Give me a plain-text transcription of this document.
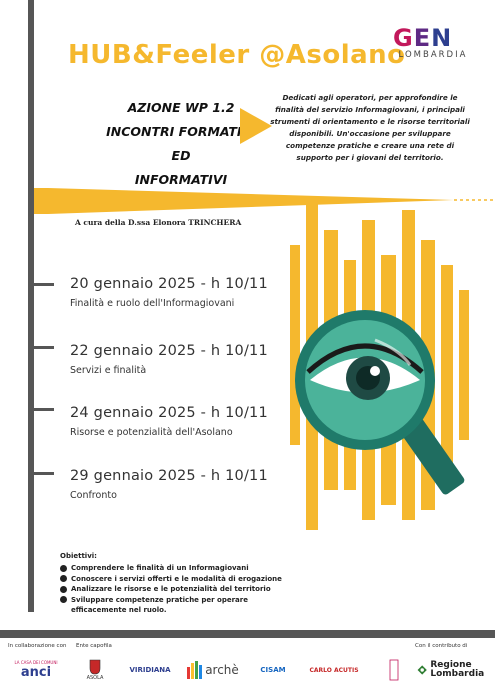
HUB&Feeler @Asolano
G E N
LOMBARDIA
AZIONE WP 1.2
INCONTRI FORMATIVI ED
INFORMATIVI
Dedicati agli operatori, per approfondire le finalità del servizio Informagiovani, i principali strumenti di orientamento e le risorse territoriali disponibili. Un'occasione per sviluppare competenze pratiche e creare una rete di supporto per i giovani del territorio.
A cura della D.ssa Elonora TRINCHERA
20 gennaio 2025 - h 10/11
Finalità e ruolo dell'Informagiovani
22 gennaio 2025 - h 10/11
Servizi e finalità
24 gennaio 2025 - h 10/11
Risorse e potenzialità dell'Asolano
29 gennaio 2025 - h 10/11
Confronto
Obiettivi:
Comprendere le finalità di un Informagiovani
Conoscere i servizi offerti e le modalità di erogazione
Analizzare le risorse e le potenzialità del territorio
Sviluppare competenze pratiche per operare efficacemente nel ruolo.
In collaborazione con Ente capofila	Con il contributo di
LA CASA DEI COMUNI
anci	ASOLA
VIRIDIANA	archè	CISAM	CARLO ACUTIS	Regione Lombardia
